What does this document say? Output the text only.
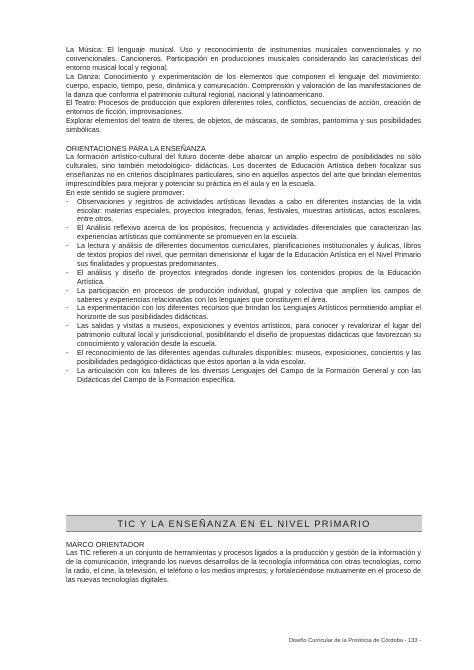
La Música: El lenguaje musical. Uso y reconocimiento de instrumentos musicales convencionales y no convencionales. Cancioneros. Participación en producciones musicales considerando las características del entorno musical local y regional.

La Danza: Conocimiento y experimentación de los elementos que componen el lenguaje del movimiento: cuerpo, espacio, tiempo, peso, dinámica y comunicación. Comprensión y valoración de las manifestaciones de la danza que conforma el patrimonio cultural regional, nacional y latinoamericano.

El Teatro: Procesos de producción que exploren diferentes roles, conflictos, secuencias de acción, creación de entornos de ficción, improvisaciones.

Explorar elementos del teatro de títeres, de objetos, de máscaras, de sombras, pantomima y sus posibilidades simbólicas.

ORIENTACIONES PARA LA ENSEÑANZA

La formación artístico-cultural del futuro docente debe abarcar un amplio espectro de posibilidades no sólo culturales, sino también metodológico- didácticas. Los docentes de Educación Artística deben focalizar sus enseñanzas no en criterios disciplinares particulares, sino en aquellos aspectos del arte que brindan elementos imprescindibles para mejorar y potenciar su práctica en el aula y en la escuela.

En este sentido se sugiere promover:

- Observaciones y registros de actividades artísticas llevadas a cabo en diferentes instancias de la vida escolar: materias especiales, proyectos integrados, ferias, festivales, muestras artísticas, actos escolares, entre otros.
- El Análisis reflexivo acerca de los propósitos, frecuencia y actividades diferenciales que caracterizan las experiencias artísticas que comúnmente se promueven en la escuela.
- La lectura y análisis de diferentes documentos curriculares, planificaciones institucionales y áulicas, libros de textos propios del nivel, que permitan dimensionar el lugar de la Educación Artística en el Nivel Primario sus finalidades y propuestas predominantes.
- El análisis y diseño de proyectos integrados donde ingresen los contenidos propios de la Educación Artística.
- La participación en procesos de producción individual, grupal y colectiva que amplíen los campos de saberes y experiencias relacionadas con los lenguajes que constituyen el área.
- La experimentación con los diferentes recursos que brindan los Lenguajes Artísticos permitiendo ampliar el horizonte de sus posibilidades didácticas.
- Las salidas y visitas a museos, exposiciones y eventos artísticos, para conocer y revalorizar el lugar del patrimonio cultural local y jurisdiccional, posibilitando el diseño de propuestas didácticas que favorezcan su conocimiento y valoración desde la escuela.
- El reconocimiento de las diferentes agendas culturales disponibles: museos, exposiciones, conciertos y las posibilidades pedagógico-didácticas que éstos aportan a la vida escolar.
- La articulación con los talleres de los diversos Lenguajes del Campo de la Formación General y con las Didácticas del Campo de la Formación específica.
TIC Y LA ENSEÑANZA EN EL NIVEL PRIMARIO

MARCO ORIENTADOR

Las TIC refieren a un conjunto de herramientas y procesos ligados a la producción y gestión de la información y de la comunicación, integrando los nuevos desarrollos de la tecnología informática con otras tecnologías, como la radio, el cine, la televisión, el teléfono o los medios impresos; y fortaleciéndose mutuamente en el proceso de las nuevas tecnologías digitales.

Diseño Curricular de la Provincia de Córdoba - 133 -
